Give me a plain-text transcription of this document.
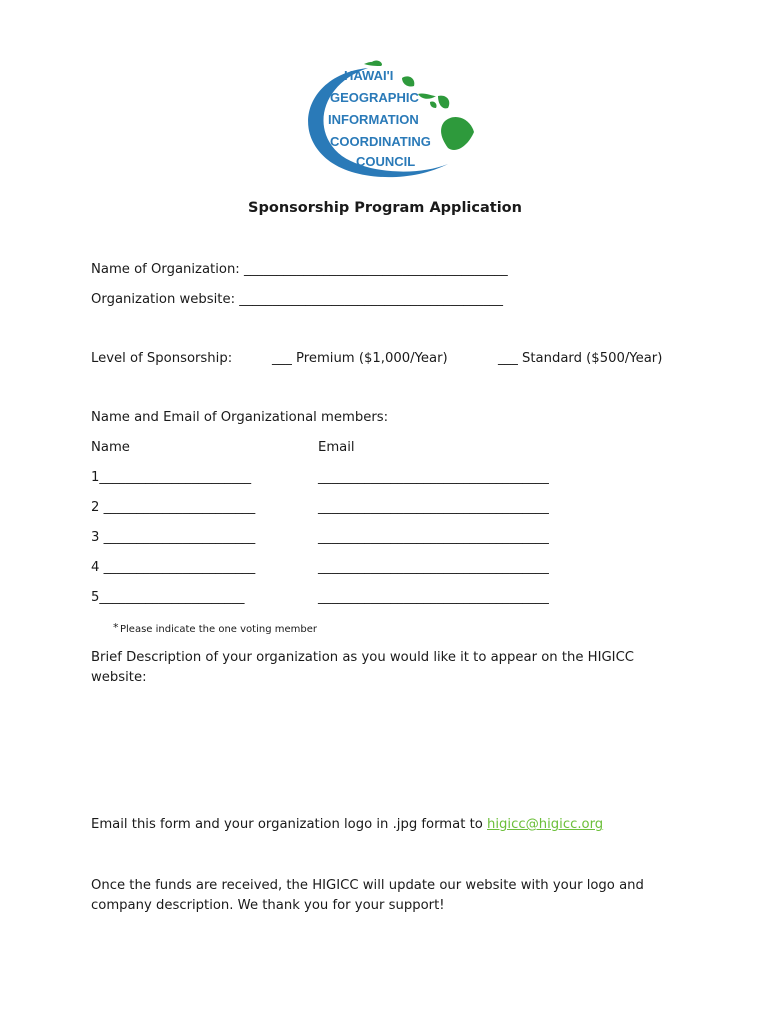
HAWAI'I
GEOGRAPHIC
INFORMATION
COORDINATING
COUNCIL
Sponsorship Program Application
Name of Organization: ________________________________________
Organization website: ________________________________________
Level of Sponsorship:	___ Premium ($1,000/Year)	___ Standard ($500/Year)
Name and Email of Organizational members:
Name	Email
1_______________________	___________________________________
2 _______________________	___________________________________
3 _______________________	___________________________________
4 _______________________	___________________________________
5______________________	___________________________________
* Please indicate the one voting member
Brief Description of your organization as you would like it to appear on the HIGICC website:
Email this form and your organization logo in .jpg format to higicc@higicc.org
Once the funds are received, the HIGICC will update our website with your logo and company description. We thank you for your support!
